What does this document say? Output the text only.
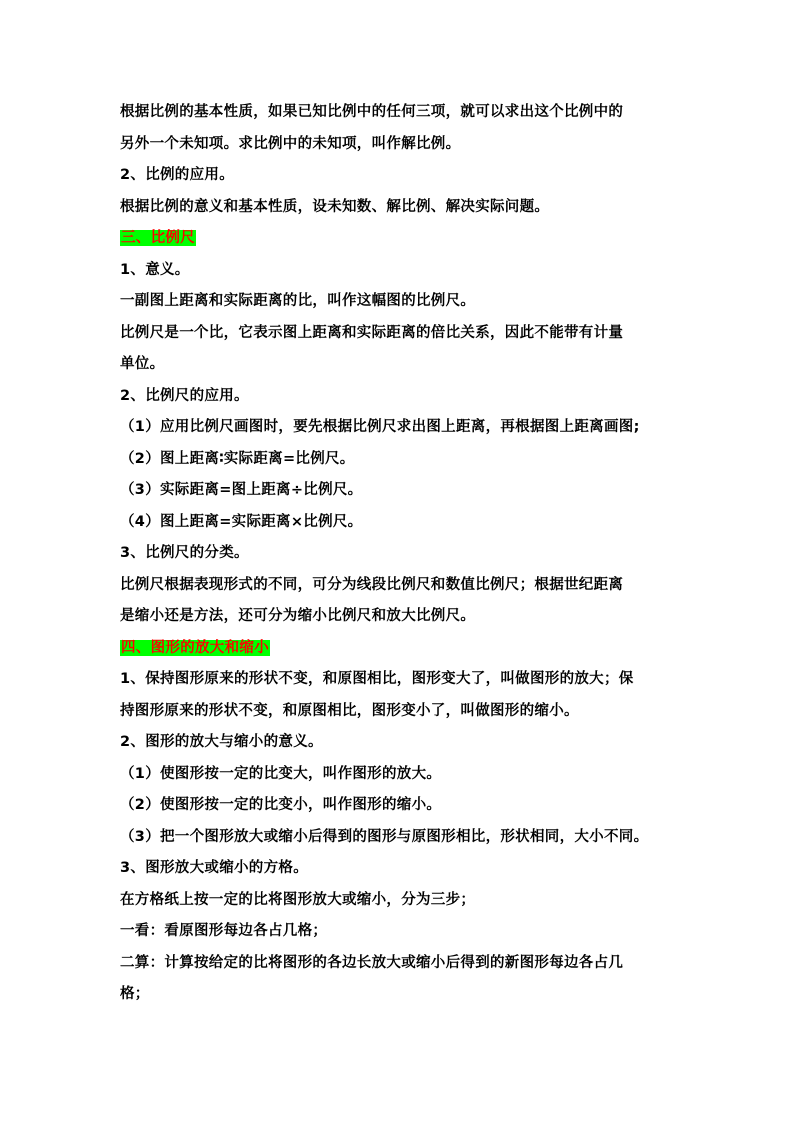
根据比例的基本性质，如果已知比例中的任何三项，就可以求出这个比例中的
另外一个未知项。求比例中的未知项，叫作解比例。
2、比例的应用。
根据比例的意义和基本性质，设未知数、解比例、解决实际问题。
三、比例尺
1、意义。
一副图上距离和实际距离的比，叫作这幅图的比例尺。
比例尺是一个比，它表示图上距离和实际距离的倍比关系，因此不能带有计量
单位。
2、比例尺的应用。
（1）应用比例尺画图时，要先根据比例尺求出图上距离，再根据图上距离画图;
（2）图上距离∶实际距离=比例尺。
（3）实际距离=图上距离÷比例尺。
（4）图上距离=实际距离×比例尺。
3、比例尺的分类。
比例尺根据表现形式的不同，可分为线段比例尺和数值比例尺；根据世纪距离
是缩小还是方法，还可分为缩小比例尺和放大比例尺。
四、图形的放大和缩小
1、保持图形原来的形状不变，和原图相比，图形变大了，叫做图形的放大；保
持图形原来的形状不变，和原图相比，图形变小了，叫做图形的缩小。
2、图形的放大与缩小的意义。
（1）使图形按一定的比变大，叫作图形的放大。
（2）使图形按一定的比变小，叫作图形的缩小。
（3）把一个图形放大或缩小后得到的图形与原图形相比，形状相同，大小不同。
3、图形放大或缩小的方格。
在方格纸上按一定的比将图形放大或缩小，分为三步；
一看：看原图形每边各占几格；
二算：计算按给定的比将图形的各边长放大或缩小后得到的新图形每边各占几
格；
